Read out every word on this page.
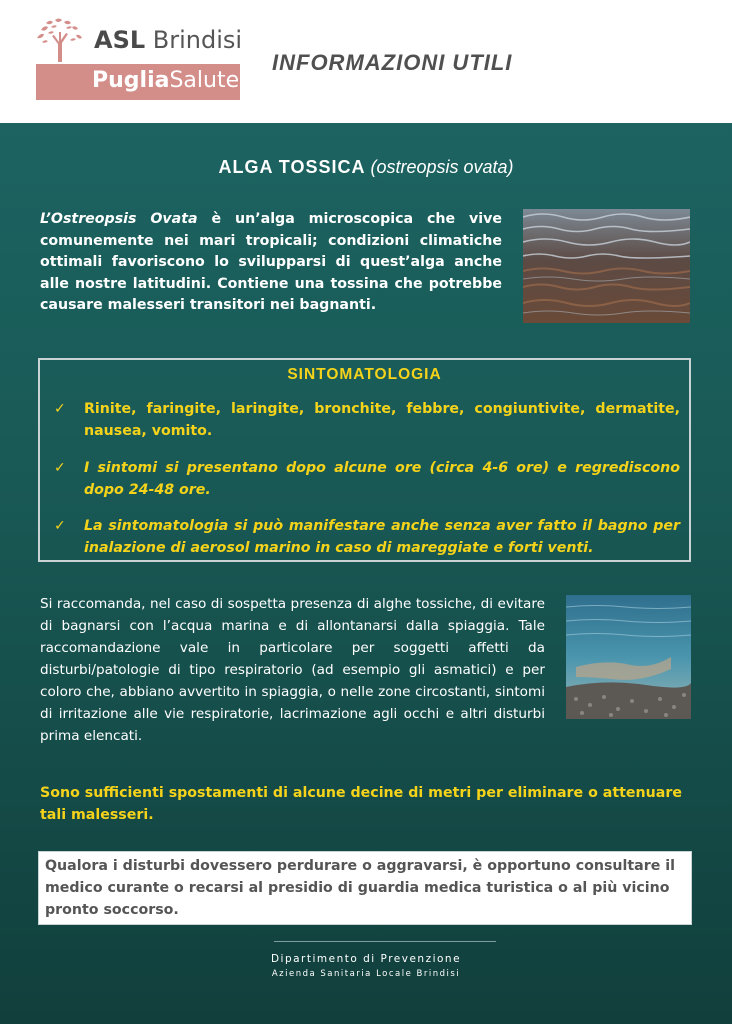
ASL Brindisi
PugliaSalute
INFORMAZIONI UTILI
ALGA TOSSICA (ostreopsis ovata)
L’Ostreopsis Ovata è un’alga microscopica che vive comunemente nei mari tropicali; condizioni climatiche ottimali favoriscono lo svilupparsi di quest’alga anche alle nostre latitudini. Contiene una tossina che potrebbe causare malesseri transitori nei bagnanti.
SINTOMATOLOGIA
✓ Rinite, faringite, laringite, bronchite, febbre, congiuntivite, dermatite, nausea, vomito.
✓ I sintomi si presentano dopo alcune ore (circa 4-6 ore) e regrediscono dopo 24-48 ore.
✓ La sintomatologia si può manifestare anche senza aver fatto il bagno per inalazione di aerosol marino in caso di mareggiate e forti venti.
Si raccomanda, nel caso di sospetta presenza di alghe tossiche, di evitare di bagnarsi con l’acqua marina e di allontanarsi dalla spiaggia. Tale raccomandazione vale in particolare per soggetti affetti da disturbi/patologie di tipo respiratorio (ad esempio gli asmatici) e per coloro che, abbiano avvertito in spiaggia, o nelle zone circostanti, sintomi di irritazione alle vie respiratorie, lacrimazione agli occhi e altri disturbi prima elencati.
Sono sufficienti spostamenti di alcune decine di metri per eliminare o attenuare tali malesseri.
Qualora i disturbi dovessero perdurare o aggravarsi, è opportuno consultare il medico curante o recarsi al presidio di guardia medica turistica o al più vicino pronto soccorso.
Dipartimento di Prevenzione
Azienda Sanitaria Locale Brindisi
